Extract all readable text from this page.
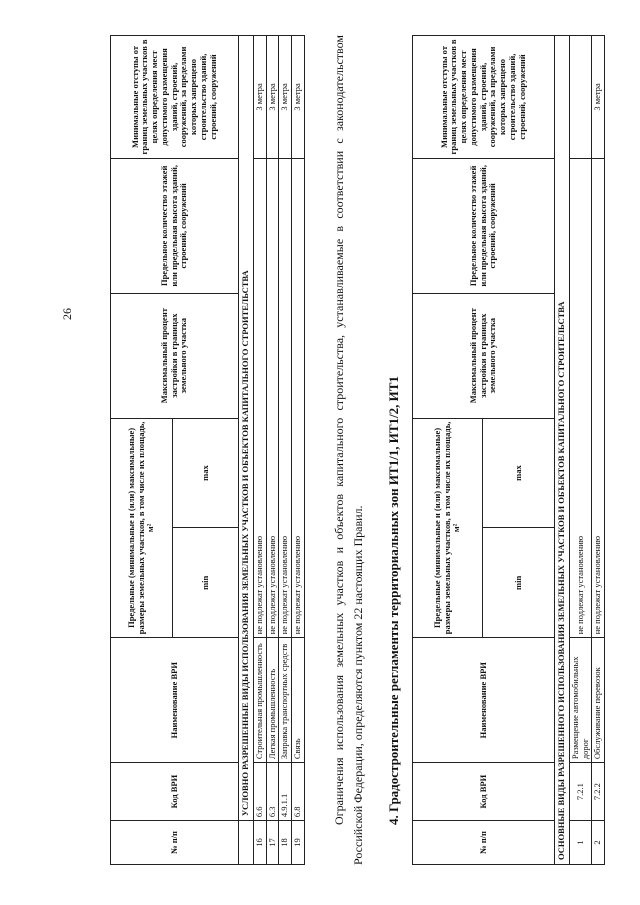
26
№ п/п	Код ВРИ	Наименование ВРИ	Предельные (минимальные и (или) максимальные) размеры земельных участков, в том числе их площадь, м²		Максимальный процент застройки в границах земельного участка	Предельное количество этажей или предельная высота зданий, строений, сооружений	Минимальные отступы от границ земельных участков в целях определения мест допустимого размещения зданий, строений, сооружений, за пределами которых запрещено строительство зданий, строений, сооружений
			min	max			
	УСЛОВНО РАЗРЕШЕННЫЕ ВИДЫ ИСПОЛЬЗОВАНИЯ ЗЕМЕЛЬНЫХ УЧАСТКОВ И ОБЪЕКТОВ КАПИТАЛЬНОГО СТРОИТЕЛЬСТВА						
16	6.6	Строительная промышленность	не подлежат установлению				3 метра
17	6.3	Легкая промышленность	не подлежат установлению				3 метра
18	4.9.1.1	Заправка транспортных средств	не подлежат установлению				3 метра
19	6.8	Связь	не подлежат установлению				3 метра Ограничения использования земельных участков и объектов капитального строительства, устанавливаемые в соответствии с законодательством Российской Федерации, определяются пунктом 22 настоящих Правил. 4. Градостроительные регламенты территориальных зон ИТ1/1, ИТ1/2, ИТ1
№ п/п	Код ВРИ	Наименование ВРИ	Предельные (минимальные и (или) максимальные) размеры земельных участков, в том числе их площадь, м²		Максимальный процент застройки в границах земельного участка	Предельное количество этажей или предельная высота зданий, строений, сооружений	Минимальные отступы от границ земельных участков в целях определения мест допустимого размещения зданий, строений, сооружений, за пределами которых запрещено строительство зданий, строений, сооружений
			min	max			
ОСНОВНЫЕ ВИДЫ РАЗРЕШЕННОГО ИСПОЛЬЗОВАНИЯ ЗЕМЕЛЬНЫХ УЧАСТКОВ И ОБЪЕКТОВ КАПИТАЛЬНОГО СТРОИТЕЛЬСТВА							
1	7.2.1	Размещение автомобильных дорог	не подлежат установлению				
2	7.2.2	Обслуживание перевозок	не подлежат установлению				3 метра
